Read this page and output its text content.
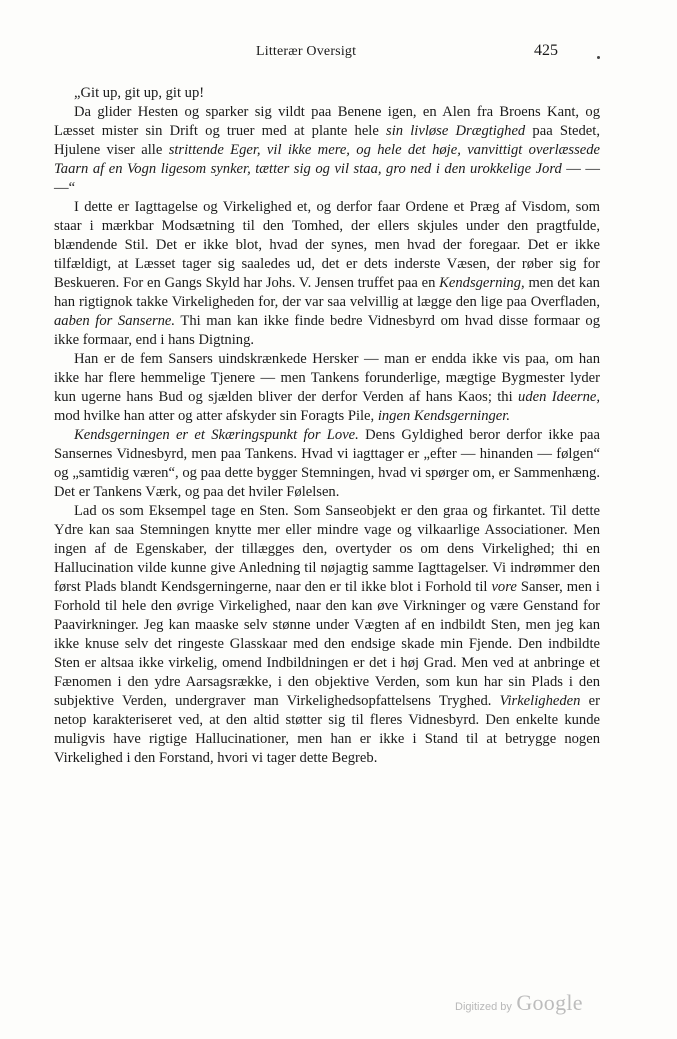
Litterær Oversigt	425

„Git up, git up, git up!

Da glider Hesten og sparker sig vildt paa Benene igen, en Alen fra Broens Kant, og Læsset mister sin Drift og truer med at plante hele sin livløse Drægtighed paa Stedet, Hjulene viser alle strittende Eger, vil ikke mere, og hele det høje, vanvittigt overlæssede Taarn af en Vogn ligesom synker, tætter sig og vil staa, gro ned i den urokkelige Jord — — —“

I dette er Iagttagelse og Virkelighed et, og derfor faar Ordene et Præg af Visdom, som staar i mærkbar Modsætning til den Tomhed, der ellers skjules under den pragtfulde, blændende Stil. Det er ikke blot, hvad der synes, men hvad der foregaar. Det er ikke tilfældigt, at Læsset tager sig saaledes ud, det er dets inderste Væsen, der røber sig for Beskueren. For en Gangs Skyld har Johs. V. Jensen truffet paa en Kendsgerning, men det kan han rigtignok takke Virkeligheden for, der var saa velvillig at lægge den lige paa Overfladen, aaben for Sanserne. Thi man kan ikke finde bedre Vidnesbyrd om hvad disse formaar og ikke formaar, end i hans Digtning.

Han er de fem Sansers uindskrænkede Hersker — man er endda ikke vis paa, om han ikke har flere hemmelige Tjenere — men Tankens forunderlige, mægtige Bygmester lyder kun ugerne hans Bud og sjælden bliver der derfor Verden af hans Kaos; thi uden Ideerne, mod hvilke han atter og atter afskyder sin Foragts Pile, ingen Kendsgerninger.

Kendsgerningen er et Skæringspunkt for Love. Dens Gyldighed beror derfor ikke paa Sansernes Vidnesbyrd, men paa Tankens. Hvad vi iagttager er „efter — hinanden — følgen“ og „samtidig væren“, og paa dette bygger Stemningen, hvad vi spørger om, er Sammenhæng. Det er Tankens Værk, og paa det hviler Følelsen.

Lad os som Eksempel tage en Sten. Som Sanseobjekt er den graa og firkantet. Til dette Ydre kan saa Stemningen knytte mer eller mindre vage og vilkaarlige Associationer. Men ingen af de Egenskaber, der tillægges den, overtyder os om dens Virkelighed; thi en Hallucination vilde kunne give Anledning til nøjagtig samme Iagttagelser. Vi indrømmer den først Plads blandt Kendsgerningerne, naar den er til ikke blot i Forhold til vore Sanser, men i Forhold til hele den øvrige Virkelighed, naar den kan øve Virkninger og være Genstand for Paavirkninger. Jeg kan maaske selv stønne under Vægten af en indbildt Sten, men jeg kan ikke knuse selv det ringeste Glasskaar med den endsige skade min Fjende. Den indbildte Sten er altsaa ikke virkelig, omend Indbildningen er det i høj Grad. Men ved at anbringe et Fænomen i den ydre Aarsagsrække, i den objektive Verden, som kun har sin Plads i den subjektive Verden, undergraver man Virkelighedsopfattelsens Tryghed. Virkeligheden er netop karakteriseret ved, at den altid støtter sig til fleres Vidnesbyrd. Den enkelte kunde muligvis have rigtige Hallucinationer, men han er ikke i Stand til at betrygge nogen Virkelighed i den Forstand, hvori vi tager dette Begreb.

Digitized by Google
